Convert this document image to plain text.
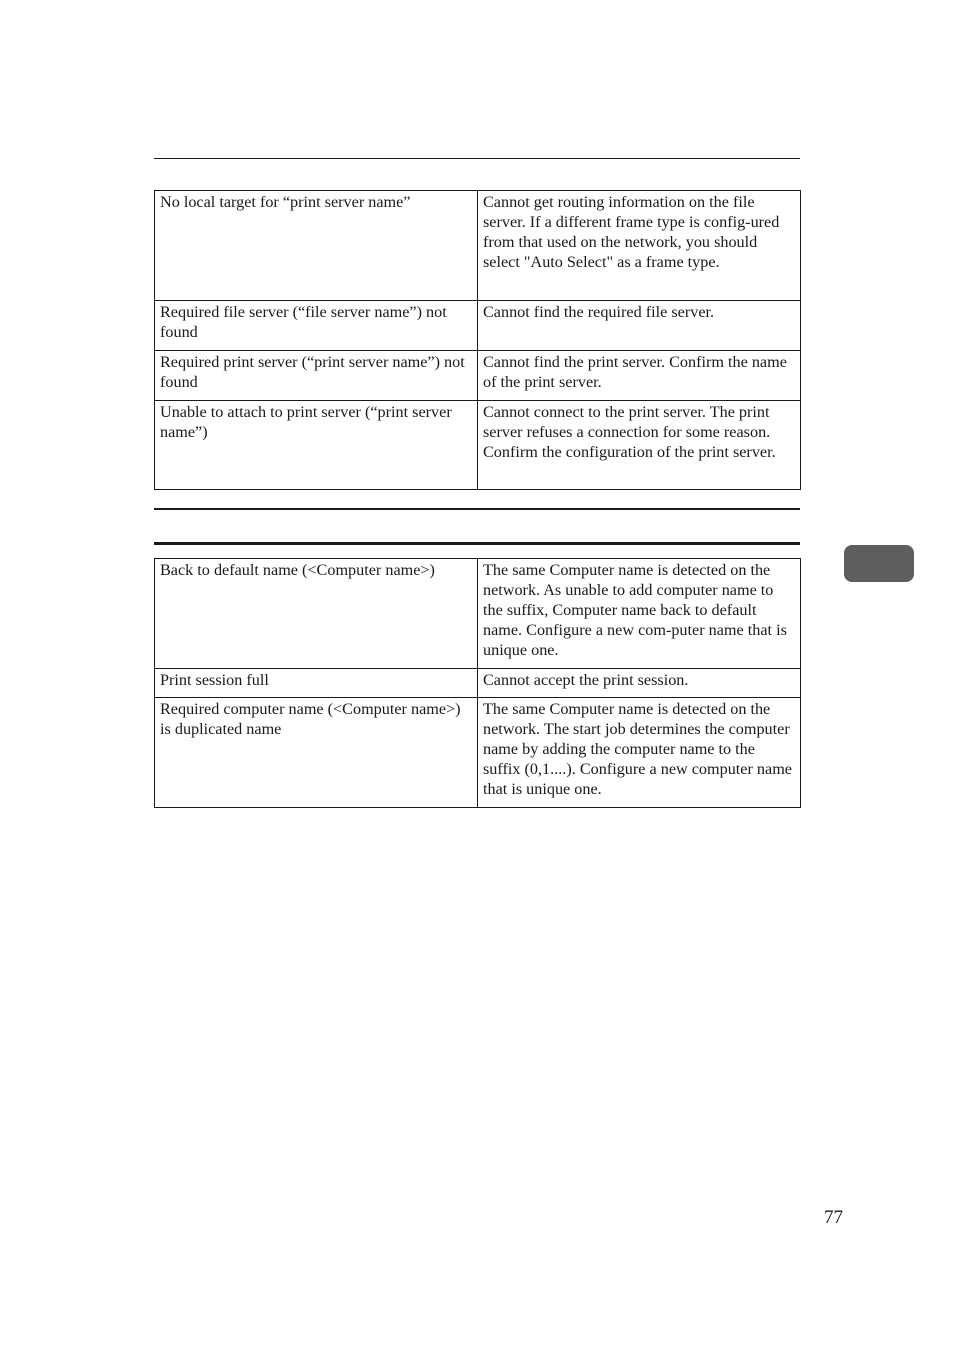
No local target for “print server name”	Cannot get routing information on the file server. If a different frame type is config-ured from that used on the network, you should select "Auto Select" as a frame type.
Required file server (“file server name”) not found	Cannot find the required file server.
Required print server (“print server name”) not found	Cannot find the print server. Confirm the name of the print server.
Unable to attach to print server (“print server name”)	Cannot connect to the print server. The print server refuses a connection for some reason. Confirm the configuration of the print server.
Back to default name (<Computer name>)	The same Computer name is detected on the network. As unable to add computer name to the suffix, Computer name back to default name. Configure a new com-puter name that is unique one.
Print session full	Cannot accept the print session.
Required computer name (<Computer name>) is duplicated name	The same Computer name is detected on the network. The start job determines the computer name by adding the computer name to the suffix (0,1....). Configure a new computer name that is unique one.
77
